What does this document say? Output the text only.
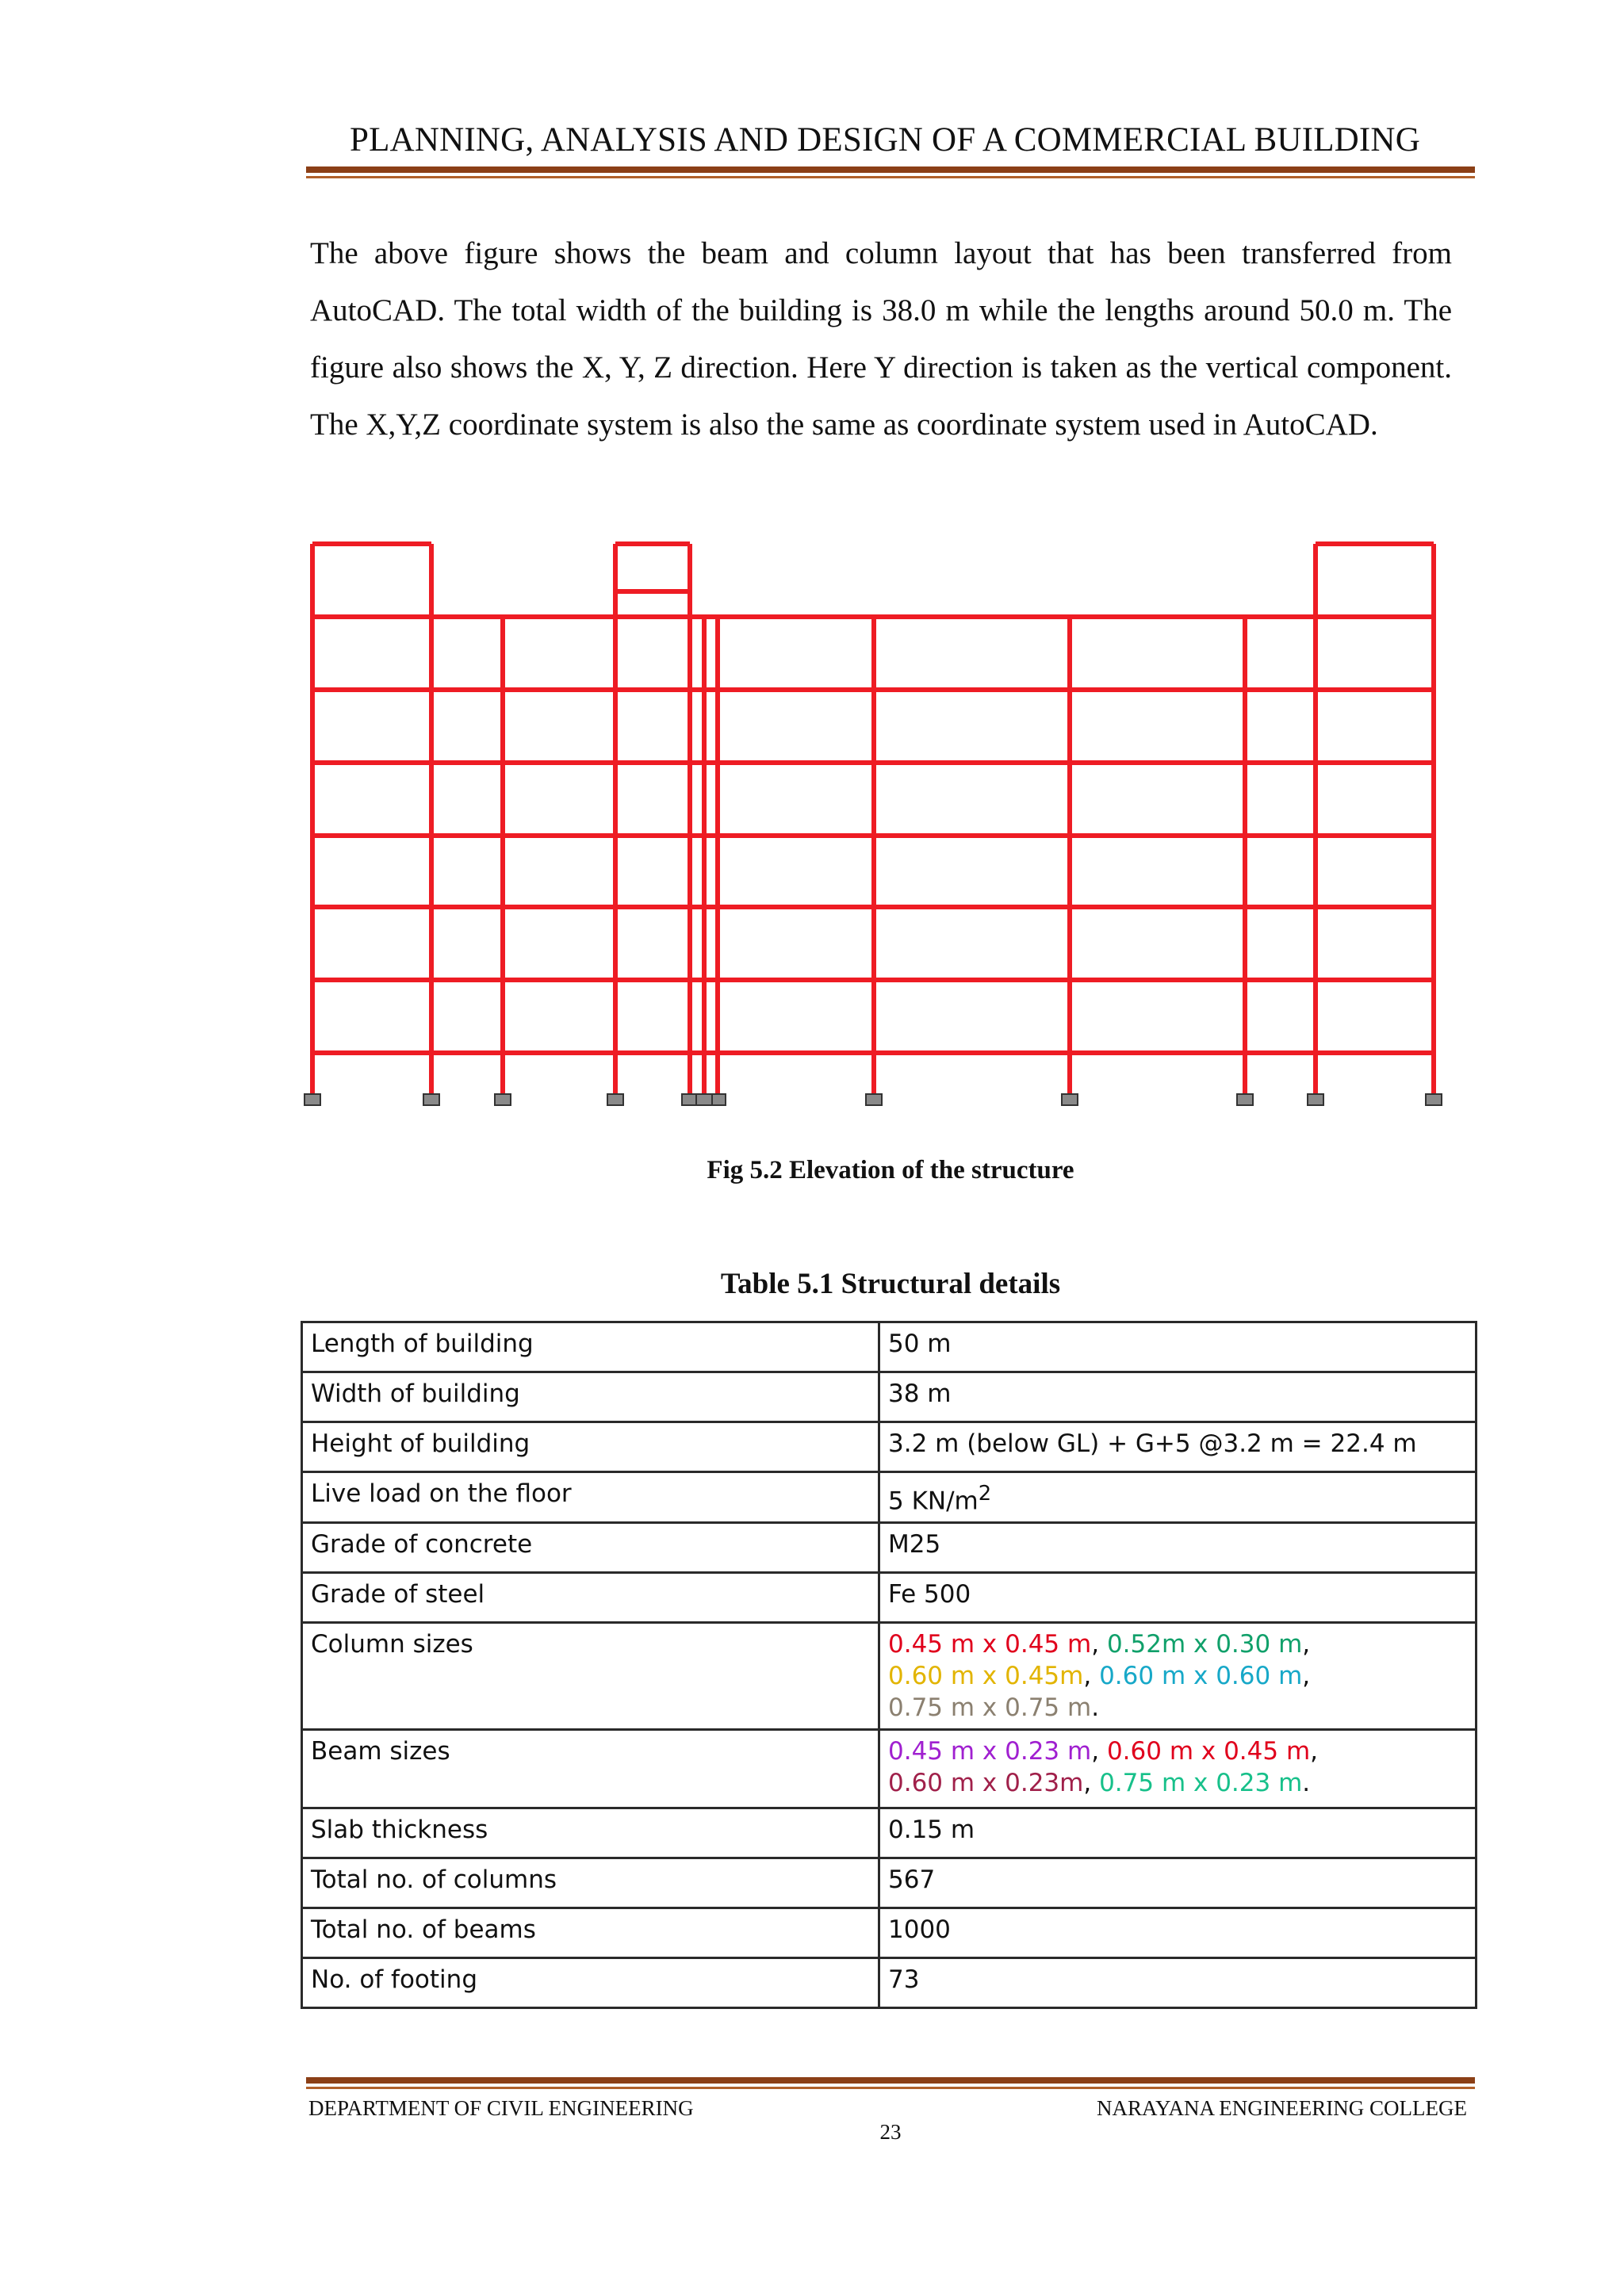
PLANNING, ANALYSIS AND DESIGN OF A COMMERCIAL BUILDING

The above figure shows the beam and column layout that has been transferred from AutoCAD. The total width of the building is 38.0 m while the lengths around 50.0 m. The figure also shows the X, Y, Z direction. Here Y direction is taken as the vertical component. The X,Y,Z coordinate system is also the same as coordinate system used in AutoCAD.

Fig 5.2 Elevation of the structure
Table 5.1 Structural details
Length of building	50 m
Width of building	38 m
Height of building	3.2 m (below GL) + G+5 @3.2 m = 22.4 m
Live load on the floor	5 $KN/m^2$
Grade of concrete	M25
Grade of steel	Fe 500
Column sizes	0.45 m x 0.45 m, 0.52m x 0.30 m, 0.60 m x 0.45m, 0.60 m x 0.60 m, 0.75 m x 0.75 m.
Beam sizes	0.45 m x 0.23 m, 0.60 m x 0.45 m, 0.60 m x 0.23m, 0.75 m x 0.23 m.
Slab thickness	0.15 m
Total no. of columns	567
Total no. of beams	1000
No. of footing	73
DEPARTMENT OF CIVIL ENGINEERING	NARAYANA ENGINEERING COLLEGE
23
